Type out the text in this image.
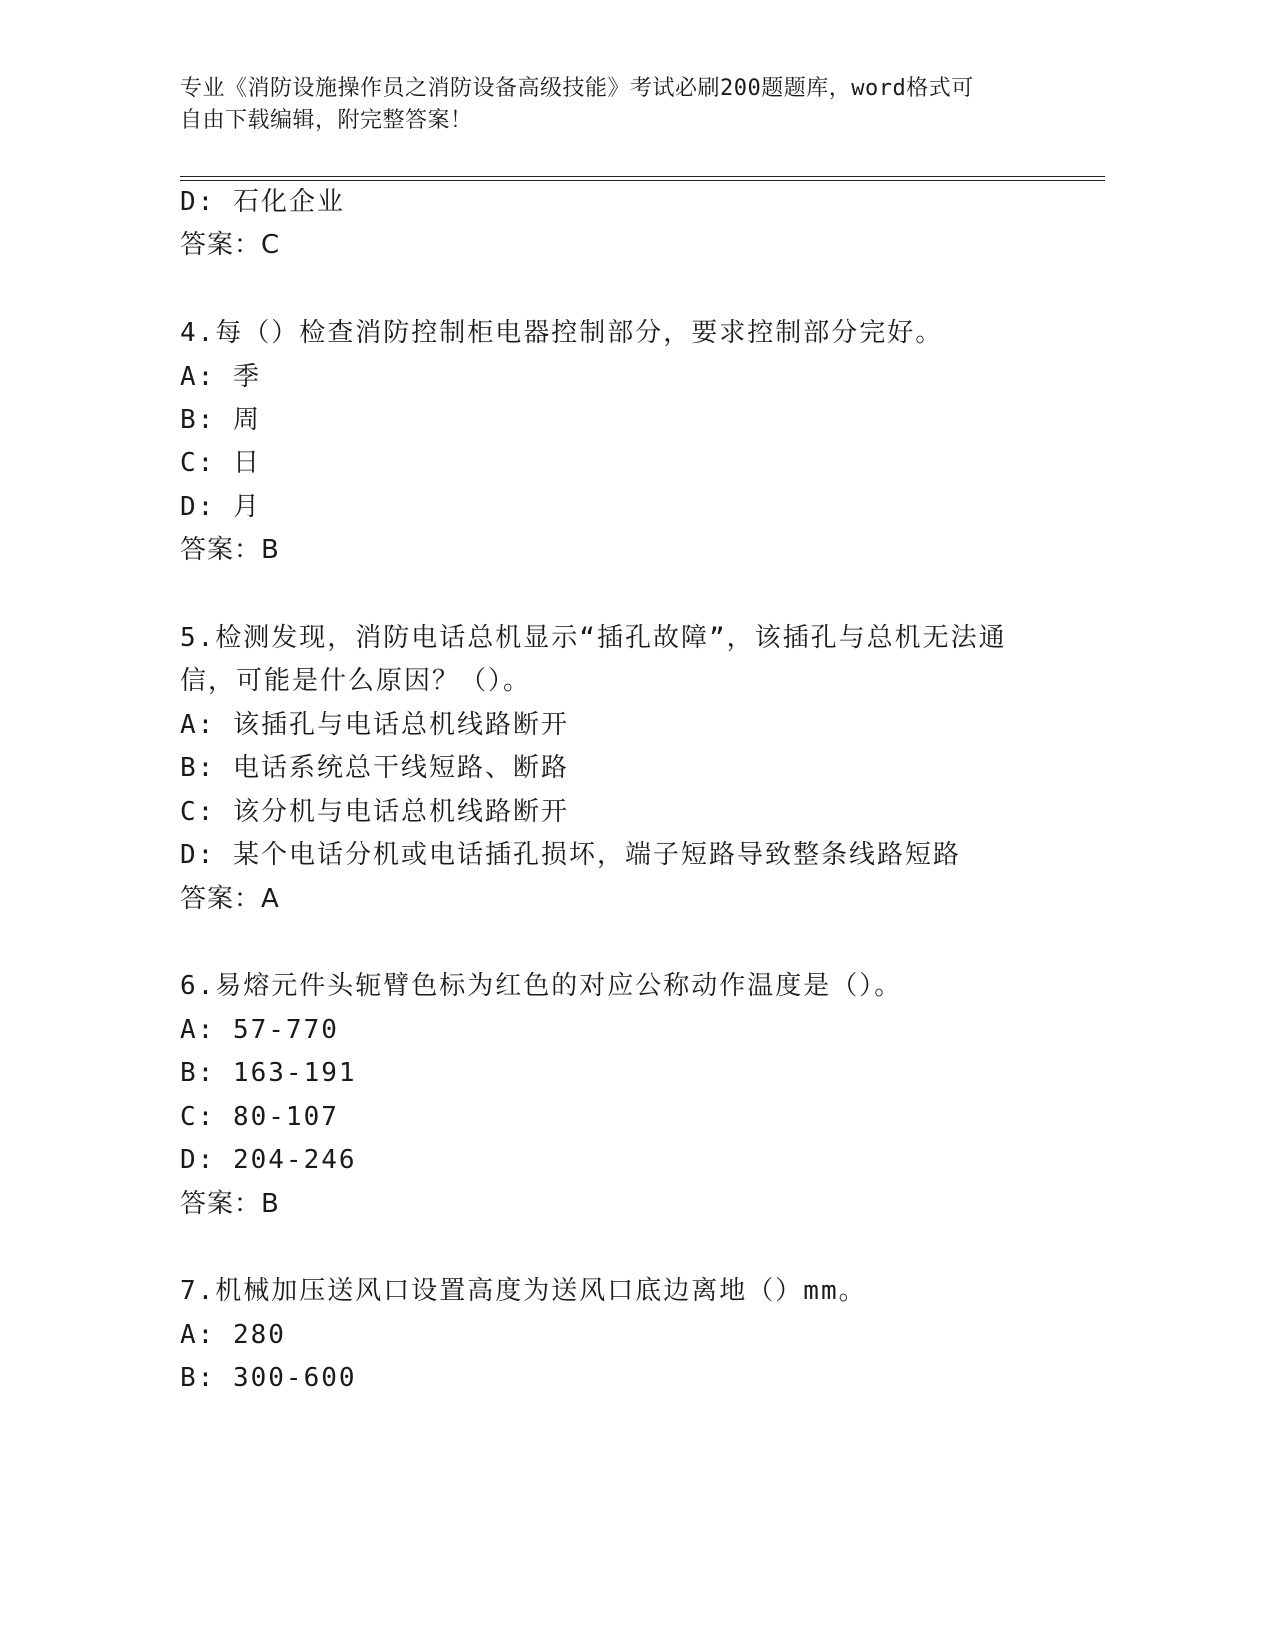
专业《消防设施操作员之消防设备高级技能》考试必刷200题题库，word格式可
自由下载编辑，附完整答案！
D: 石化企业
答案：C
4.每（）检查消防控制柜电器控制部分，要求控制部分完好。
A: 季
B: 周
C: 日
D: 月
答案：B
5.检测发现，消防电话总机显示“插孔故障”，该插孔与总机无法通
信，可能是什么原因？（）。
A: 该插孔与电话总机线路断开
B: 电话系统总干线短路、断路
C: 该分机与电话总机线路断开
D: 某个电话分机或电话插孔损坏，端子短路导致整条线路短路
答案：A
6.易熔元件头轭臂色标为红色的对应公称动作温度是（）。
A: 57-770
B: 163-191
C: 80-107
D: 204-246
答案：B
7.机械加压送风口设置高度为送风口底边离地（）mm。
A: 280
B: 300-600
